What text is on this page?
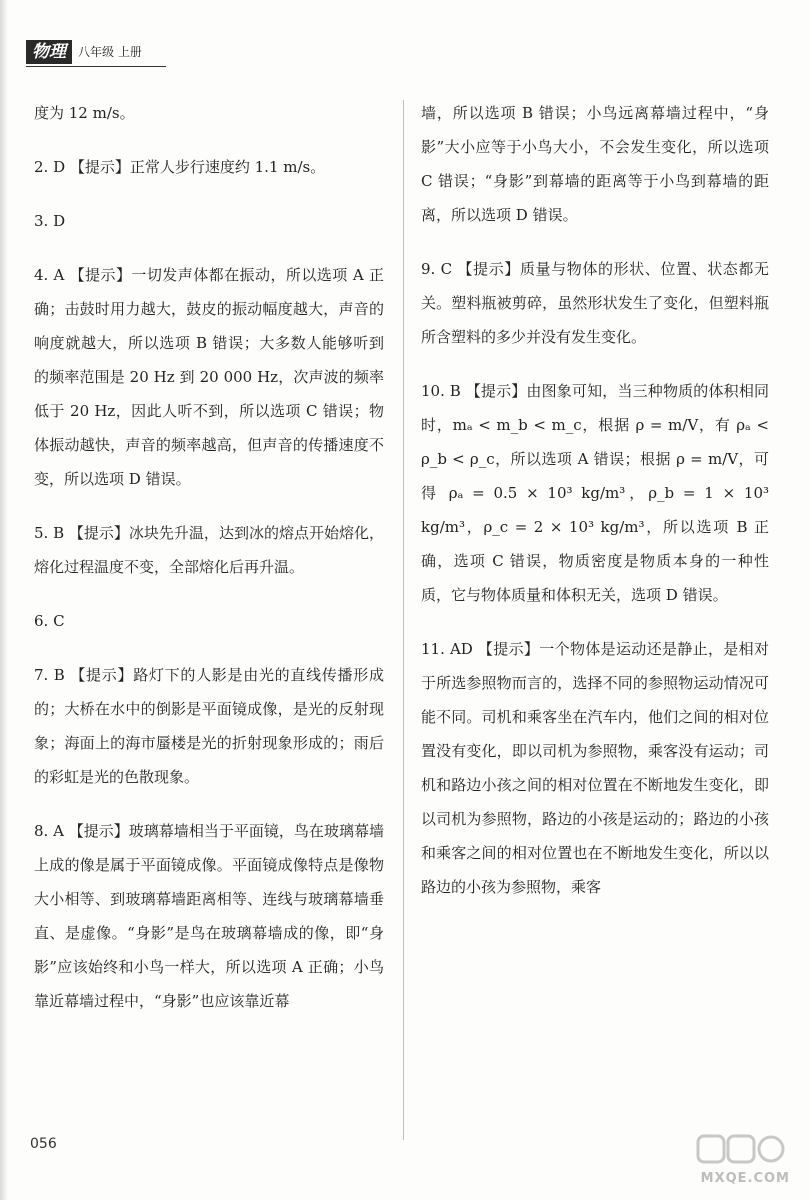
物理	八年级 上册

度为 12 m/s。

2. D 【提示】正常人步行速度约 1.1 m/s。

3. D

4. A 【提示】一切发声体都在振动，所以选项 A 正确；击鼓时用力越大，鼓皮的振动幅度越大，声音的响度就越大，所以选项 B 错误；大多数人能够听到的频率范围是 20 Hz 到 20 000 Hz，次声波的频率低于 20 Hz，因此人听不到，所以选项 C 错误；物体振动越快，声音的频率越高，但声音的传播速度不变，所以选项 D 错误。

5. B 【提示】冰块先升温，达到冰的熔点开始熔化，熔化过程温度不变，全部熔化后再升温。

6. C

7. B 【提示】路灯下的人影是由光的直线传播形成的；大桥在水中的倒影是平面镜成像，是光的反射现象；海面上的海市蜃楼是光的折射现象形成的；雨后的彩虹是光的色散现象。

8. A 【提示】玻璃幕墙相当于平面镜，鸟在玻璃幕墙上成的像是属于平面镜成像。平面镜成像特点是像物大小相等、到玻璃幕墙距离相等、连线与玻璃幕墙垂直、是虚像。“身影”是鸟在玻璃幕墙成的像，即“身影”应该始终和小鸟一样大，所以选项 A 正确；小鸟靠近幕墙过程中，“身影”也应该靠近幕

墙，所以选项 B 错误；小鸟远离幕墙过程中，“身影”大小应等于小鸟大小，不会发生变化，所以选项 C 错误；“身影”到幕墙的距离等于小鸟到幕墙的距离，所以选项 D 错误。

9. C 【提示】质量与物体的形状、位置、状态都无关。塑料瓶被剪碎，虽然形状发生了变化，但塑料瓶所含塑料的多少并没有发生变化。

10. B 【提示】由图象可知，当三种物质的体积相同时，mₐ < m_b < m_c，根据 ρ = m/V，有 ρₐ < ρ_b < ρ_c，所以选项 A 错误；根据 ρ = m/V，可得 ρₐ = 0.5 × 10³ kg/m³，ρ_b = 1 × 10³ kg/m³，ρ_c = 2 × 10³ kg/m³，所以选项 B 正确，选项 C 错误，物质密度是物质本身的一种性质，它与物体质量和体积无关，选项 D 错误。

11. AD 【提示】一个物体是运动还是静止，是相对于所选参照物而言的，选择不同的参照物运动情况可能不同。司机和乘客坐在汽车内，他们之间的相对位置没有变化，即以司机为参照物，乘客没有运动；司机和路边小孩之间的相对位置在不断地发生变化，即以司机为参照物，路边的小孩是运动的；路边的小孩和乘客之间的相对位置也在不断地发生变化，所以以路边的小孩为参照物，乘客

056
MXQE.COM
